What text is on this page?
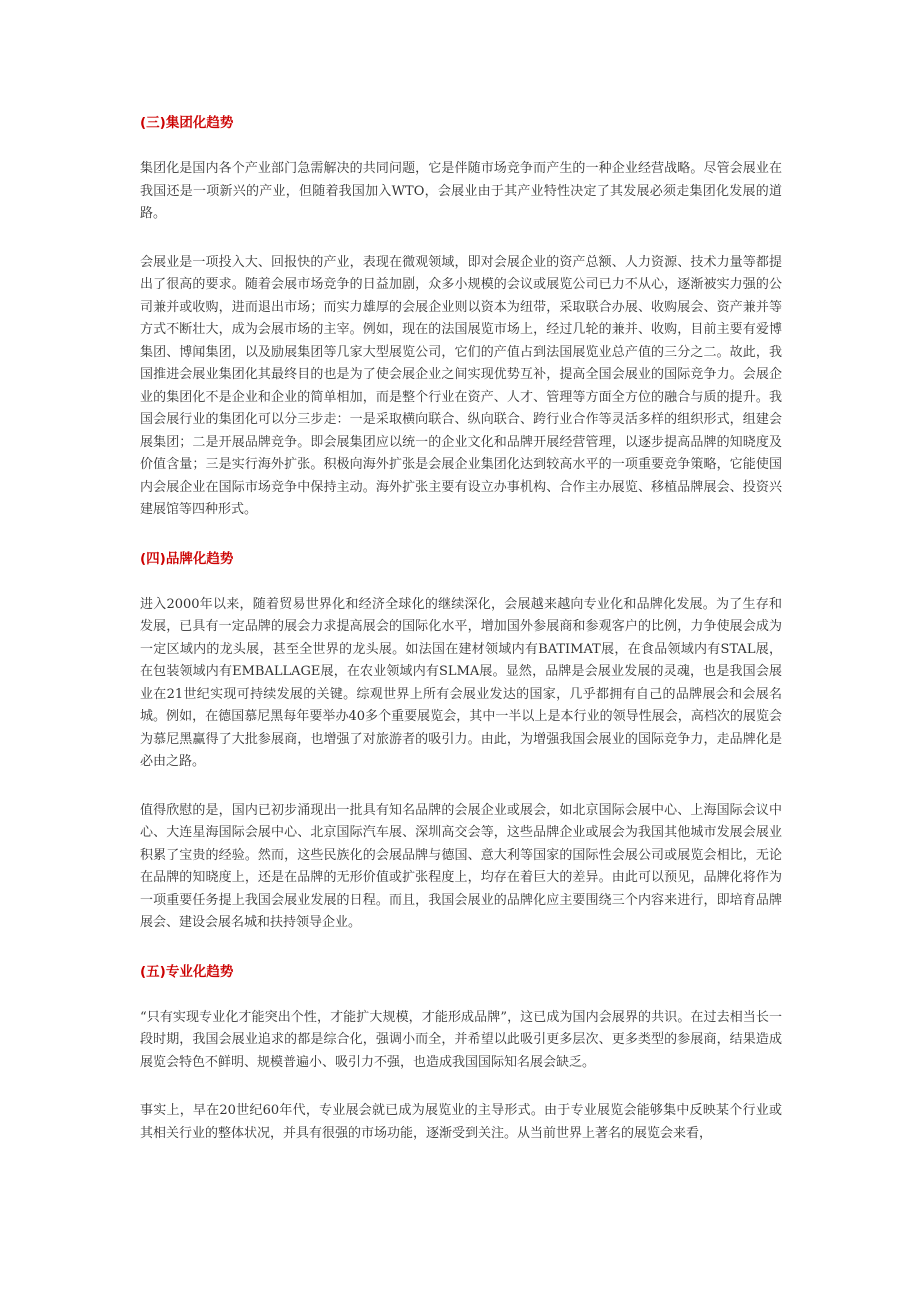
(三)集团化趋势

集团化是国内各个产业部门急需解决的共同问题，它是伴随市场竞争而产生的一种企业经营战略。尽管会展业在我国还是一项新兴的产业，但随着我国加入WTO，会展业由于其产业特性决定了其发展必须走集团化发展的道路。

会展业是一项投入大、回报快的产业，表现在微观领域，即对会展企业的资产总额、人力资源、技术力量等都提出了很高的要求。随着会展市场竞争的日益加剧，众多小规模的会议或展览公司已力不从心，逐渐被实力强的公司兼并或收购，进而退出市场；而实力雄厚的会展企业则以资本为纽带，采取联合办展、收购展会、资产兼并等方式不断壮大，成为会展市场的主宰。例如，现在的法国展览市场上，经过几轮的兼并、收购，目前主要有爱博集团、博闻集团，以及励展集团等几家大型展览公司，它们的产值占到法国展览业总产值的三分之二。故此，我国推进会展业集团化其最终目的也是为了使会展企业之间实现优势互补，提高全国会展业的国际竞争力。会展企业的集团化不是企业和企业的简单相加，而是整个行业在资产、人才、管理等方面全方位的融合与质的提升。我国会展行业的集团化可以分三步走：一是采取横向联合、纵向联合、跨行业合作等灵活多样的组织形式，组建会展集团；二是开展品牌竞争。即会展集团应以统一的企业文化和品牌开展经营管理，以逐步提高品牌的知晓度及价值含量；三是实行海外扩张。积极向海外扩张是会展企业集团化达到较高水平的一项重要竞争策略，它能使国内会展企业在国际市场竞争中保持主动。海外扩张主要有设立办事机构、合作主办展览、移植品牌展会、投资兴建展馆等四种形式。

(四)品牌化趋势

进入2000年以来，随着贸易世界化和经济全球化的继续深化，会展越来越向专业化和品牌化发展。为了生存和发展，已具有一定品牌的展会力求提高展会的国际化水平，增加国外参展商和参观客户的比例，力争使展会成为一定区域内的龙头展，甚至全世界的龙头展。如法国在建材领域内有BATIMAT展，在食品领域内有STAL展，在包装领域内有EMBALLAGE展，在农业领域内有SLMA展。显然，品牌是会展业发展的灵魂，也是我国会展业在21世纪实现可持续发展的关键。综观世界上所有会展业发达的国家，几乎都拥有自己的品牌展会和会展名城。例如，在德国慕尼黑每年要举办40多个重要展览会，其中一半以上是本行业的领导性展会，高档次的展览会为慕尼黑赢得了大批参展商，也增强了对旅游者的吸引力。由此，为增强我国会展业的国际竞争力，走品牌化是必由之路。

值得欣慰的是，国内已初步涌现出一批具有知名品牌的会展企业或展会，如北京国际会展中心、上海国际会议中心、大连星海国际会展中心、北京国际汽车展、深圳高交会等，这些品牌企业或展会为我国其他城市发展会展业积累了宝贵的经验。然而，这些民族化的会展品牌与德国、意大利等国家的国际性会展公司或展览会相比，无论在品牌的知晓度上，还是在品牌的无形价值或扩张程度上，均存在着巨大的差异。由此可以预见，品牌化将作为一项重要任务提上我国会展业发展的日程。而且，我国会展业的品牌化应主要围绕三个内容来进行，即培育品牌展会、建设会展名城和扶持领导企业。

(五)专业化趋势

“只有实现专业化才能突出个性，才能扩大规模，才能形成品牌”，这已成为国内会展界的共识。在过去相当长一段时期，我国会展业追求的都是综合化，强调小而全，并希望以此吸引更多层次、更多类型的参展商，结果造成展览会特色不鲜明、规模普遍小、吸引力不强，也造成我国国际知名展会缺乏。

事实上，早在20世纪60年代，专业展会就已成为展览业的主导形式。由于专业展览会能够集中反映某个行业或其相关行业的整体状况，并具有很强的市场功能，逐渐受到关注。从当前世界上著名的展览会来看，
